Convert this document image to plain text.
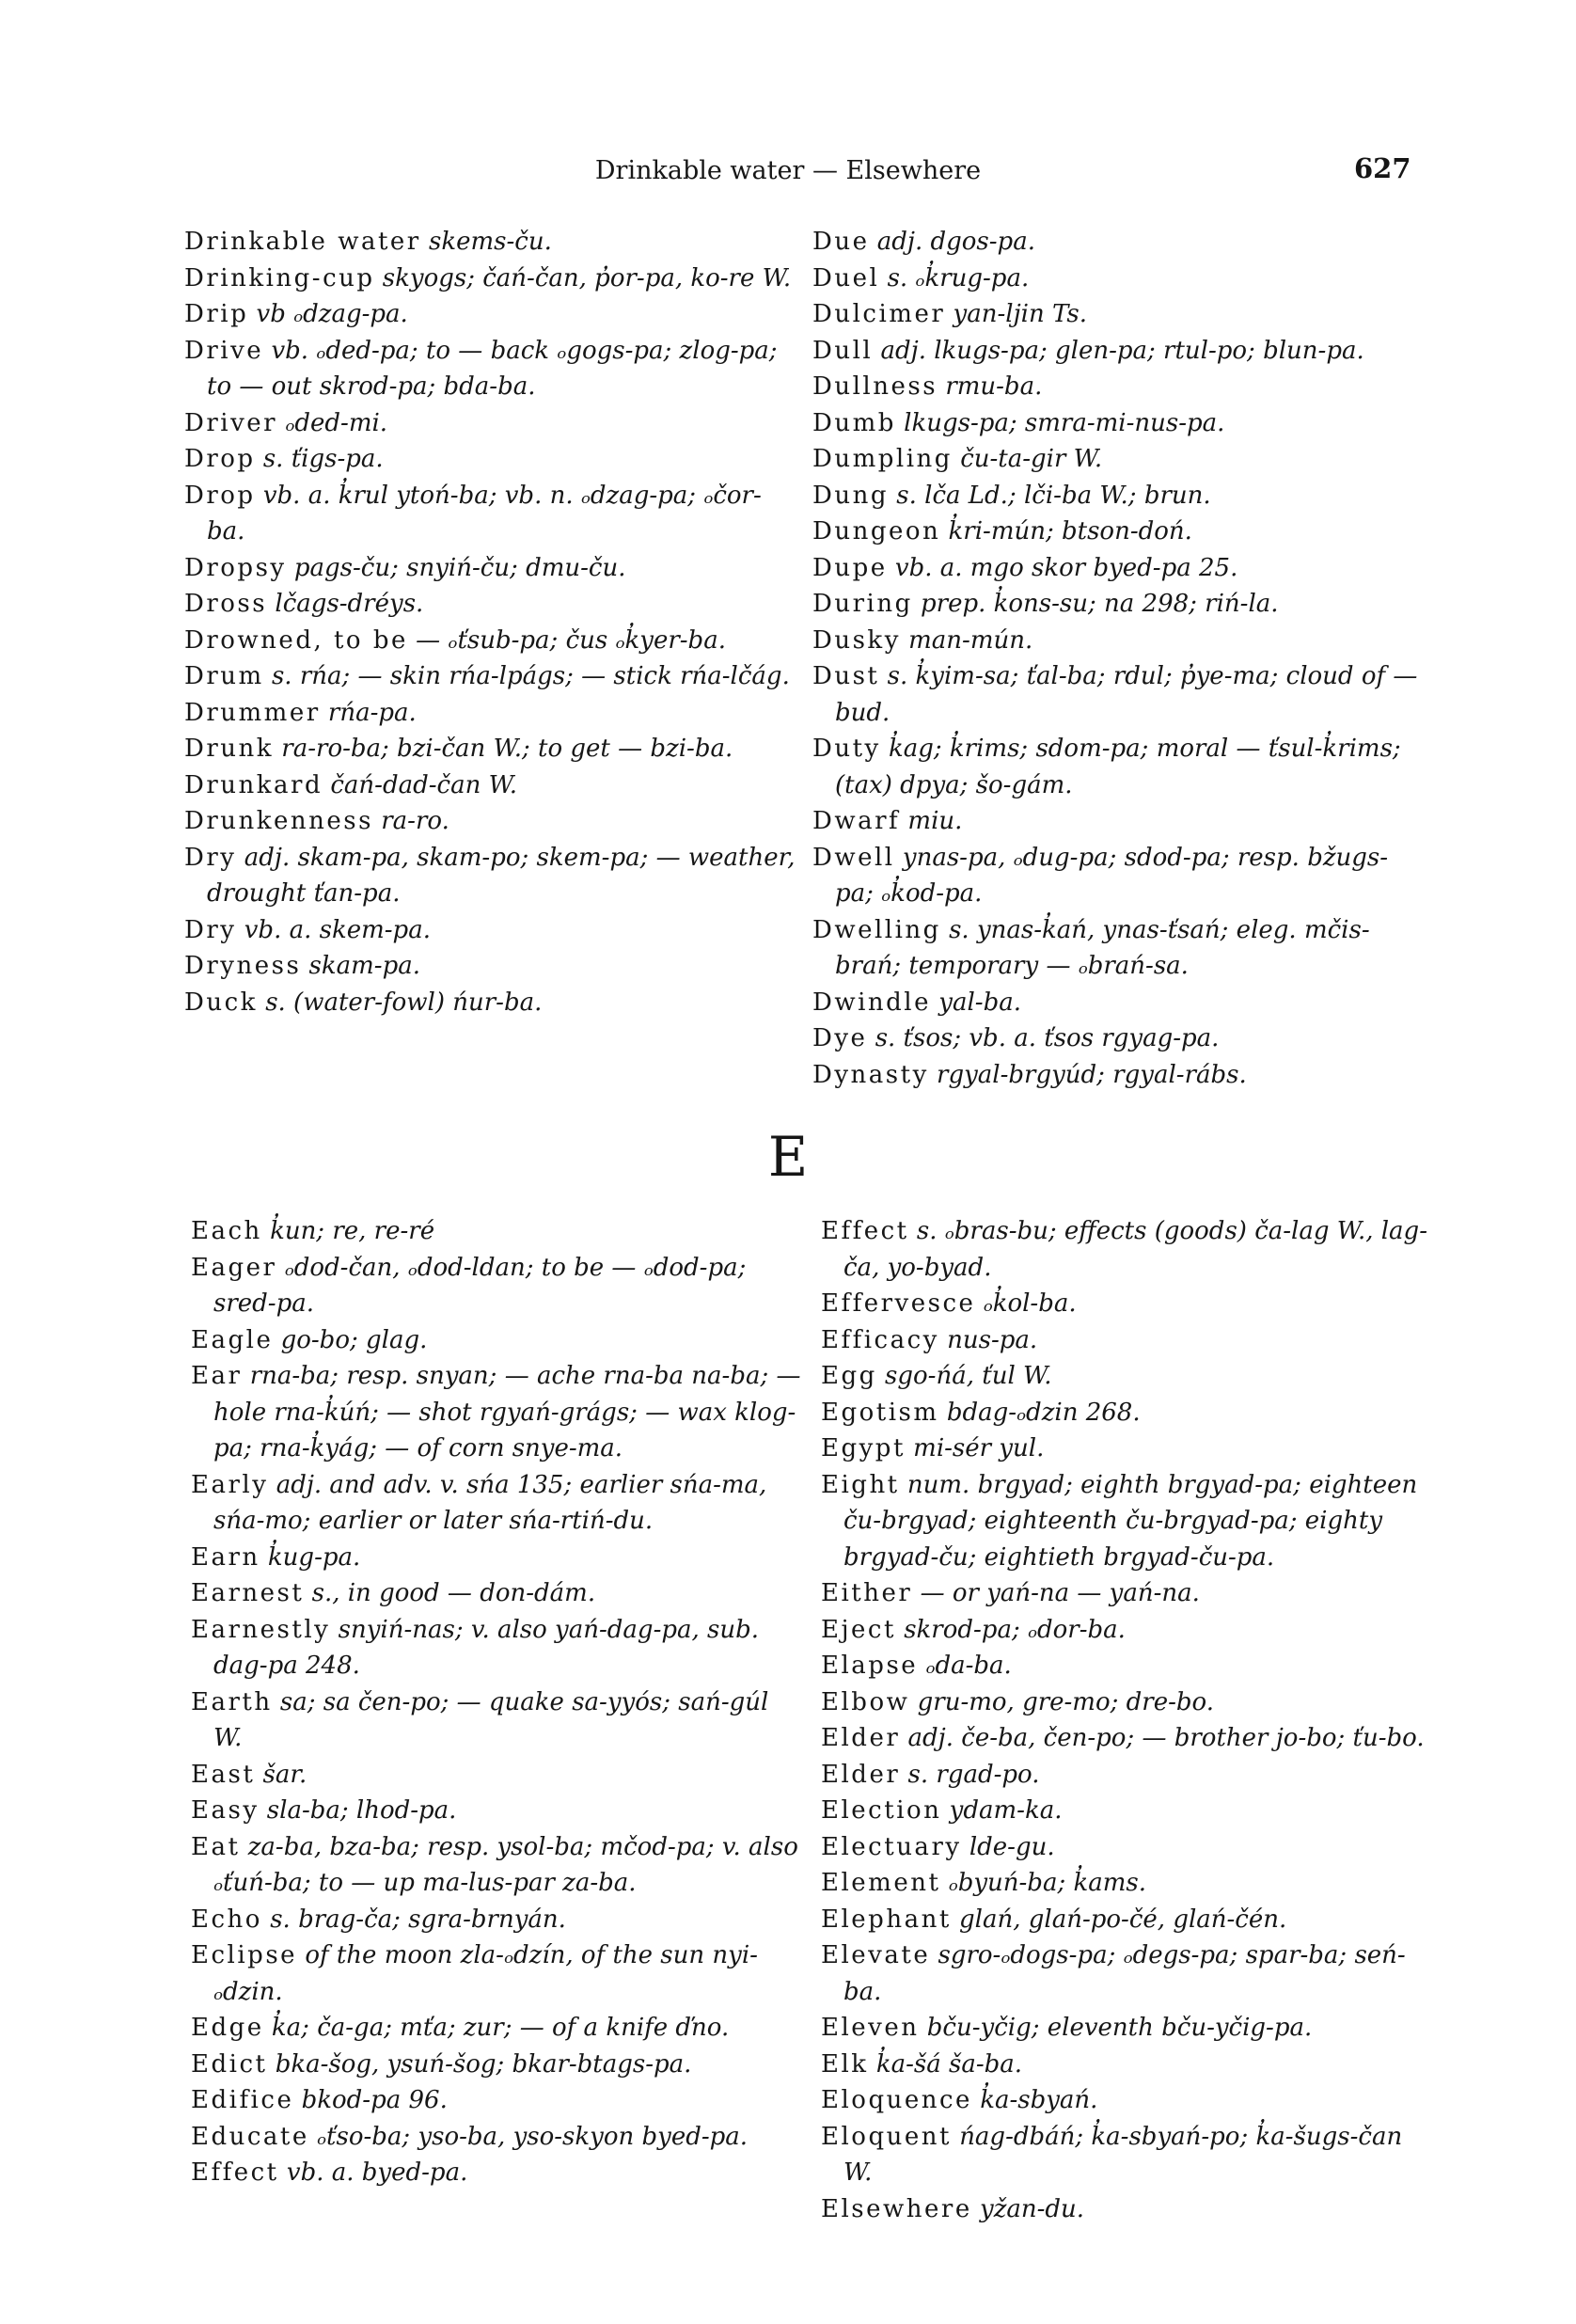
Drinkable water — Elsewhere	627

Drinkable water skems-ču.

Drinking-cup skyogs; čań-čan, p̓or-pa, ko-re W.

Drip vb ₒdzag-pa.

Drive vb. ₒded-pa; to — back ₒgogs-pa; zlog-pa; to — out skrod-pa; bda-ba.

Driver ₒded-mi.

Drop s. ťigs-pa.

Drop vb. a. k̓rul ytoń-ba; vb. n. ₒdzag-pa; ₒčor-ba.

Dropsy pags-ču; snyiń-ču; dmu-ču.

Dross lčags-dréys.

Drowned, to be — ₒťsub-pa; čus ₒk̓yer-ba.

Drum s. rńa; — skin rńa-lpágs; — stick rńa-lčág.

Drummer rńa-pa.

Drunk ra-ro-ba; bzi-čan W.; to get — bzi-ba.

Drunkard čań-dad-čan W.

Drunkenness ra-ro.

Dry adj. skam-pa, skam-po; skem-pa; — weather, drought ťan-pa.

Dry vb. a. skem-pa.

Dryness skam-pa.

Duck s. (water-fowl) ńur-ba.

Due adj. dgos-pa.

Duel s. ₒk̓rug-pa.

Dulcimer yan-ljin Ts.

Dull adj. lkugs-pa; glen-pa; rtul-po; blun-pa.

Dullness rmu-ba.

Dumb lkugs-pa; smra-mi-nus-pa.

Dumpling ču-ta-gir W.

Dung s. lča Ld.; lči-ba W.; brun.

Dungeon k̓ri-mún; btson-doń.

Dupe vb. a. mgo skor byed-pa 25.

During prep. k̓ons-su; na 298; riń-la.

Dusky man-mún.

Dust s. k̓yim-sa; ťal-ba; rdul; p̓ye-ma; cloud of — bud.

Duty k̓ag; k̓rims; sdom-pa; moral — ťsul-k̓rims; (tax) dpya; šo-gám.

Dwarf miu.

Dwell ynas-pa, ₒdug-pa; sdod-pa; resp. bžugs-pa; ₒk̓od-pa.

Dwelling s. ynas-k̓ań, ynas-ťsań; eleg. mčis-brań; temporary — ₒbrań-sa.

Dwindle yal-ba.

Dye s. ťsos; vb. a. ťsos rgyag-pa.

Dynasty rgyal-brgyúd; rgyal-rábs.

E

Each k̓un; re, re-ré

Eager ₒdod-čan, ₒdod-ldan; to be — ₒdod-pa; sred-pa.

Eagle go-bo; glag.

Ear rna-ba; resp. snyan; — ache rna-ba na-ba; — hole rna-k̓úń; — shot rgyań-grágs; — wax klog-pa; rna-k̓yág; — of corn snye-ma.

Early adj. and adv. v. sńa 135; earlier sńa-ma, sńa-mo; earlier or later sńa-rtiń-du.

Earn k̓ug-pa.

Earnest s., in good — don-dám.

Earnestly snyiń-nas; v. also yań-dag-pa, sub. dag-pa 248.

Earth sa; sa čen-po; — quake sa-yyós; sań-gúl W.

East šar.

Easy sla-ba; lhod-pa.

Eat za-ba, bza-ba; resp. ysol-ba; mčod-pa; v. also ₒťuń-ba; to — up ma-lus-par za-ba.

Echo s. brag-ča; sgra-brnyán.

Eclipse of the moon zla-ₒdzín, of the sun nyi-ₒdzin.

Edge k̓a; ča-ga; mťa; zur; — of a knife ďno.

Edict bka-šog, ysuń-šog; bkar-btags-pa.

Edifice bkod-pa 96.

Educate ₒťso-ba; yso-ba, yso-skyon byed-pa.

Effect vb. a. byed-pa.

Effect s. ₒbras-bu; effects (goods) ča-lag W., lag-ča, yo-byad.

Effervesce ₒk̓ol-ba.

Efficacy nus-pa.

Egg sgo-ńá, ťul W.

Egotism bdag-ₒdzin 268.

Egypt mi-sér yul.

Eight num. brgyad; eighth brgyad-pa; eighteen ču-brgyad; eighteenth ču-brgyad-pa; eighty brgyad-ču; eightieth brgyad-ču-pa.

Either — or yań-na — yań-na.

Eject skrod-pa; ₒdor-ba.

Elapse ₒda-ba.

Elbow gru-mo, gre-mo; dre-bo.

Elder adj. če-ba, čen-po; — brother jo-bo; ťu-bo.

Elder s. rgad-po.

Election ydam-ka.

Electuary lde-gu.

Element ₒbyuń-ba; k̓ams.

Elephant glań, glań-po-čé, glań-čén.

Elevate sgro-ₒdogs-pa; ₒdegs-pa; spar-ba; seń-ba.

Eleven bču-yčig; eleventh bču-yčig-pa.

Elk k̓a-šá ša-ba.

Eloquence k̓a-sbyań.

Eloquent ńag-dbáń; k̓a-sbyań-po; k̓a-šugs-čan W.

Elsewhere yžan-du.
